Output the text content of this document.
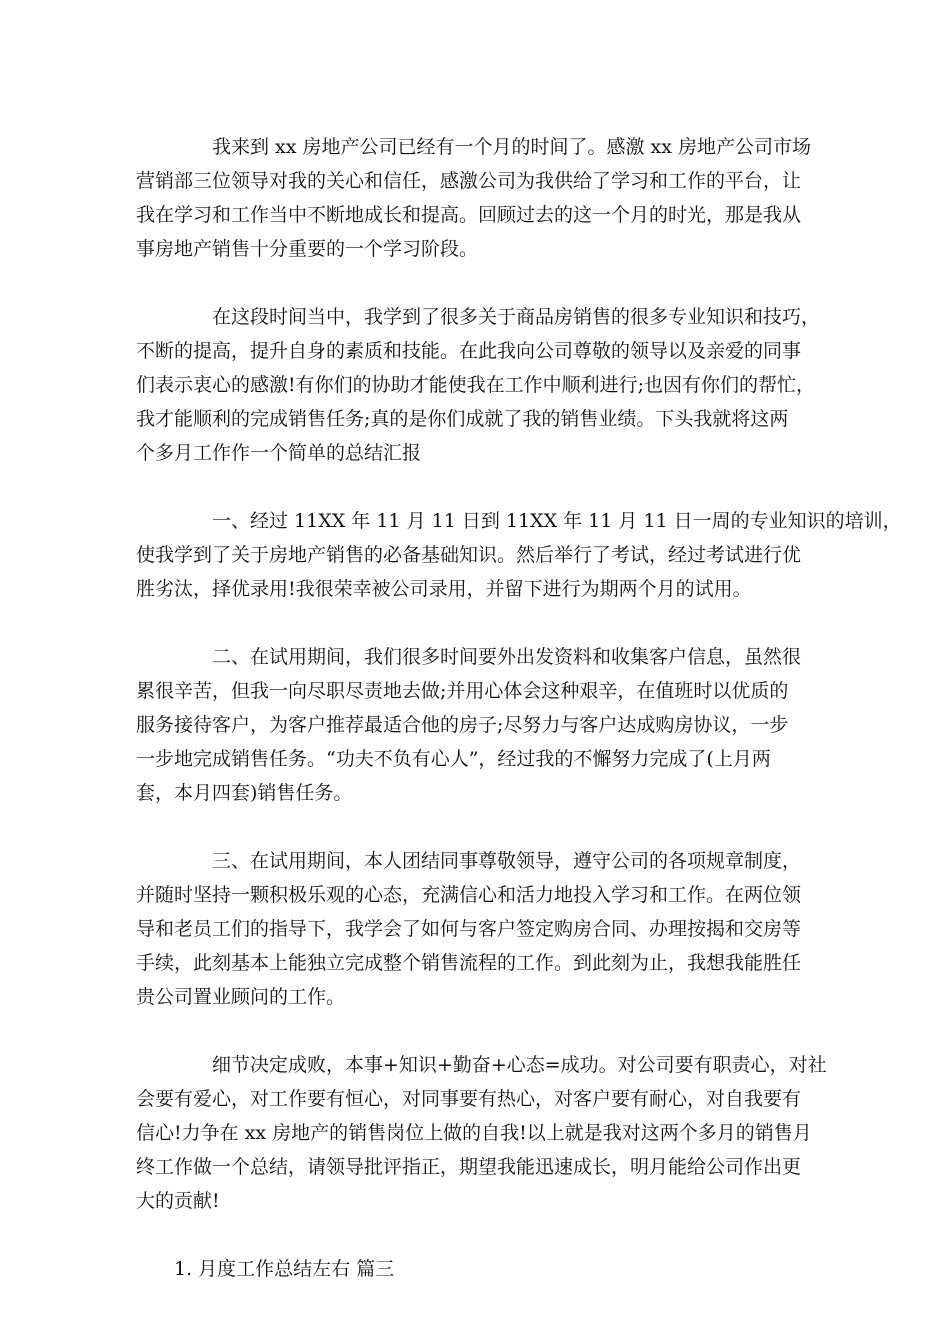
我来到 xx 房地产公司已经有一个月的时间了。感激 xx 房地产公司市场
营销部三位领导对我的关心和信任，感激公司为我供给了学习和工作的平台，让
我在学习和工作当中不断地成长和提高。回顾过去的这一个月的时光，那是我从
事房地产销售十分重要的一个学习阶段。

在这段时间当中，我学到了很多关于商品房销售的很多专业知识和技巧，
不断的提高，提升自身的素质和技能。在此我向公司尊敬的领导以及亲爱的同事
们表示衷心的感激!有你们的协助才能使我在工作中顺利进行;也因有你们的帮忙，
我才能顺利的完成销售任务;真的是你们成就了我的销售业绩。下头我就将这两
个多月工作作一个简单的总结汇报

一、经过 11XX 年 11 月 11 日到 11XX 年 11 月 11 日一周的专业知识的培训，
使我学到了关于房地产销售的必备基础知识。然后举行了考试，经过考试进行优
胜劣汰，择优录用!我很荣幸被公司录用，并留下进行为期两个月的试用。

二、在试用期间，我们很多时间要外出发资料和收集客户信息，虽然很
累很辛苦，但我一向尽职尽责地去做;并用心体会这种艰辛，在值班时以优质的
服务接待客户，为客户推荐最适合他的房子;尽努力与客户达成购房协议，一步
一步地完成销售任务。“功夫不负有心人”，经过我的不懈努力完成了(上月两
套，本月四套)销售任务。

三、在试用期间，本人团结同事尊敬领导，遵守公司的各项规章制度，
并随时坚持一颗积极乐观的心态，充满信心和活力地投入学习和工作。在两位领
导和老员工们的指导下，我学会了如何与客户签定购房合同、办理按揭和交房等
手续，此刻基本上能独立完成整个销售流程的工作。到此刻为止，我想我能胜任
贵公司置业顾问的工作。

细节决定成败，本事+知识+勤奋+心态=成功。对公司要有职责心，对社
会要有爱心，对工作要有恒心，对同事要有热心，对客户要有耐心，对自我要有
信心!力争在 xx 房地产的销售岗位上做的自我!以上就是我对这两个多月的销售月
终工作做一个总结，请领导批评指正，期望我能迅速成长，明月能给公司作出更
大的贡献!

1. 月度工作总结左右 篇三
